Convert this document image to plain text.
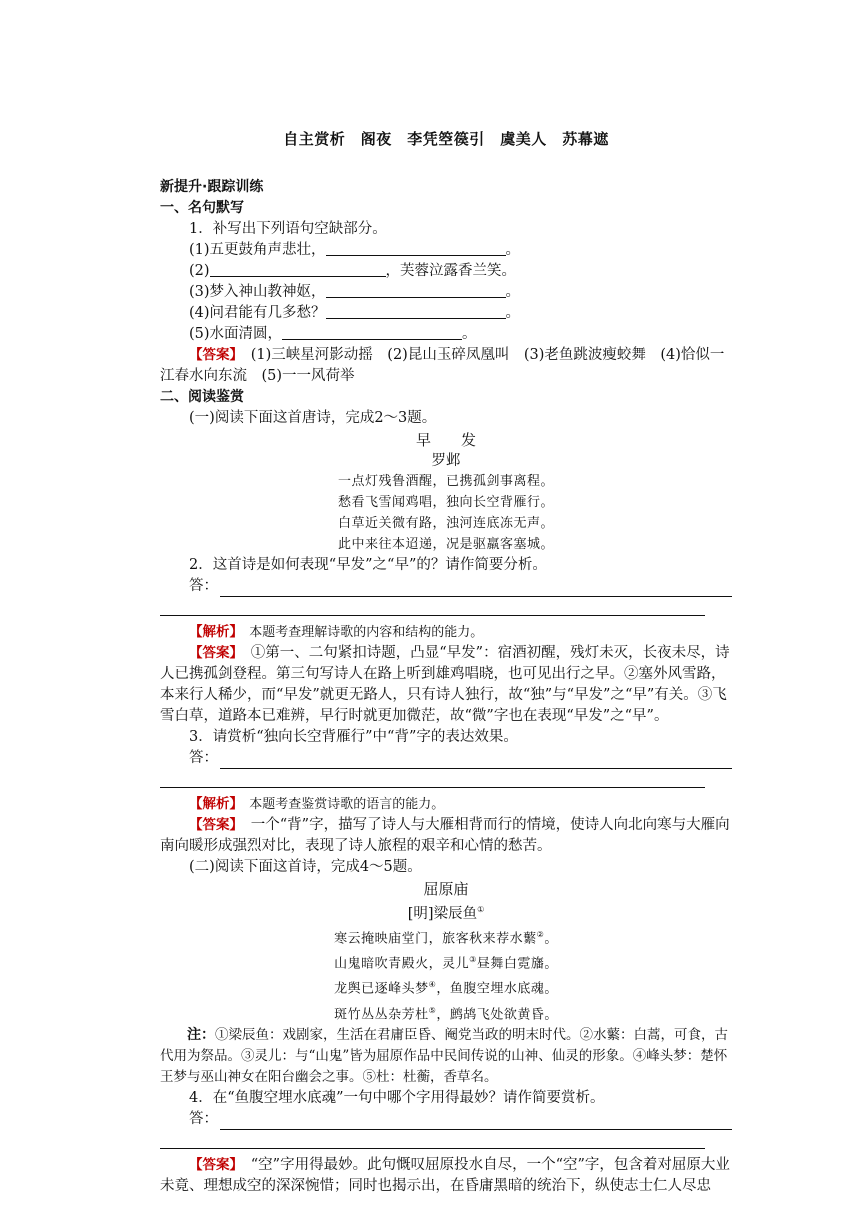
自主赏析　阁夜　李凭箜篌引　虞美人　苏幕遮
新提升·跟踪训练
一、名句默写
1．补写出下列语句空缺部分。
(1)五更鼓角声悲壮，	。
(2)	，芙蓉泣露香兰笑。
(3)梦入神山教神妪，	。
(4)问君能有几多愁？	。
(5)水面清圆，	。
【答案】　(1)三峡星河影动摇　(2)昆山玉碎凤凰叫　(3)老鱼跳波瘦蛟舞　(4)恰似一江春水向东流　(5)一一风荷举
二、阅读鉴赏
(一)阅读下面这首唐诗，完成2～3题。
早　　发
罗邺
一点灯残鲁酒醒，已携孤剑事离程。
愁看飞雪闻鸡唱，独向长空背雁行。
白草近关微有路，浊河连底冻无声。
此中来往本迢递，况是驱羸客塞城。
2．这首诗是如何表现“早发”之“早”的？请作简要分析。
答：
【解析】　本题考查理解诗歌的内容和结构的能力。
【答案】　①第一、二句紧扣诗题，凸显“早发”：宿酒初醒，残灯未灭，长夜未尽，诗人已携孤剑登程。第三句写诗人在路上听到雄鸡唱晓，也可见出行之早。②塞外风雪路，本来行人稀少，而“早发”就更无路人，只有诗人独行，故“独”与“早发”之“早”有关。③飞雪白草，道路本已难辨，早行时就更加微茫，故“微”字也在表现“早发”之“早”。
3．请赏析“独向长空背雁行”中“背”字的表达效果。
答：
【解析】　本题考查鉴赏诗歌的语言的能力。
【答案】　一个“背”字，描写了诗人与大雁相背而行的情境，使诗人向北向寒与大雁向南向暖形成强烈对比，表现了诗人旅程的艰辛和心情的愁苦。
(二)阅读下面这首诗，完成4～5题。
屈原庙
[明]梁辰鱼①
寒云掩映庙堂门，旅客秋来荐水蘩②。
山鬼暗吹青殿火，灵儿③昼舞白霓旛。
龙舆已逐峰头梦④，鱼腹空埋水底魂。
斑竹丛丛杂芳杜⑤，鹧鸪飞处欲黄昏。
注：①梁辰鱼：戏剧家，生活在君庸臣昏、阉党当政的明末时代。②水蘩：白蒿，可食，古代用为祭品。③灵儿：与“山鬼”皆为屈原作品中民间传说的山神、仙灵的形象。④峰头梦：楚怀王梦与巫山神女在阳台幽会之事。⑤杜：杜蘅，香草名。
4．在“鱼腹空埋水底魂”一句中哪个字用得最妙？请作简要赏析。
答：
【答案】　“空”字用得最妙。此句慨叹屈原投水自尽，一个“空”字，包含着对屈原大业未竟、理想成空的深深惋惜；同时也揭示出，在昏庸黑暗的统治下，纵使志士仁人尽忠
